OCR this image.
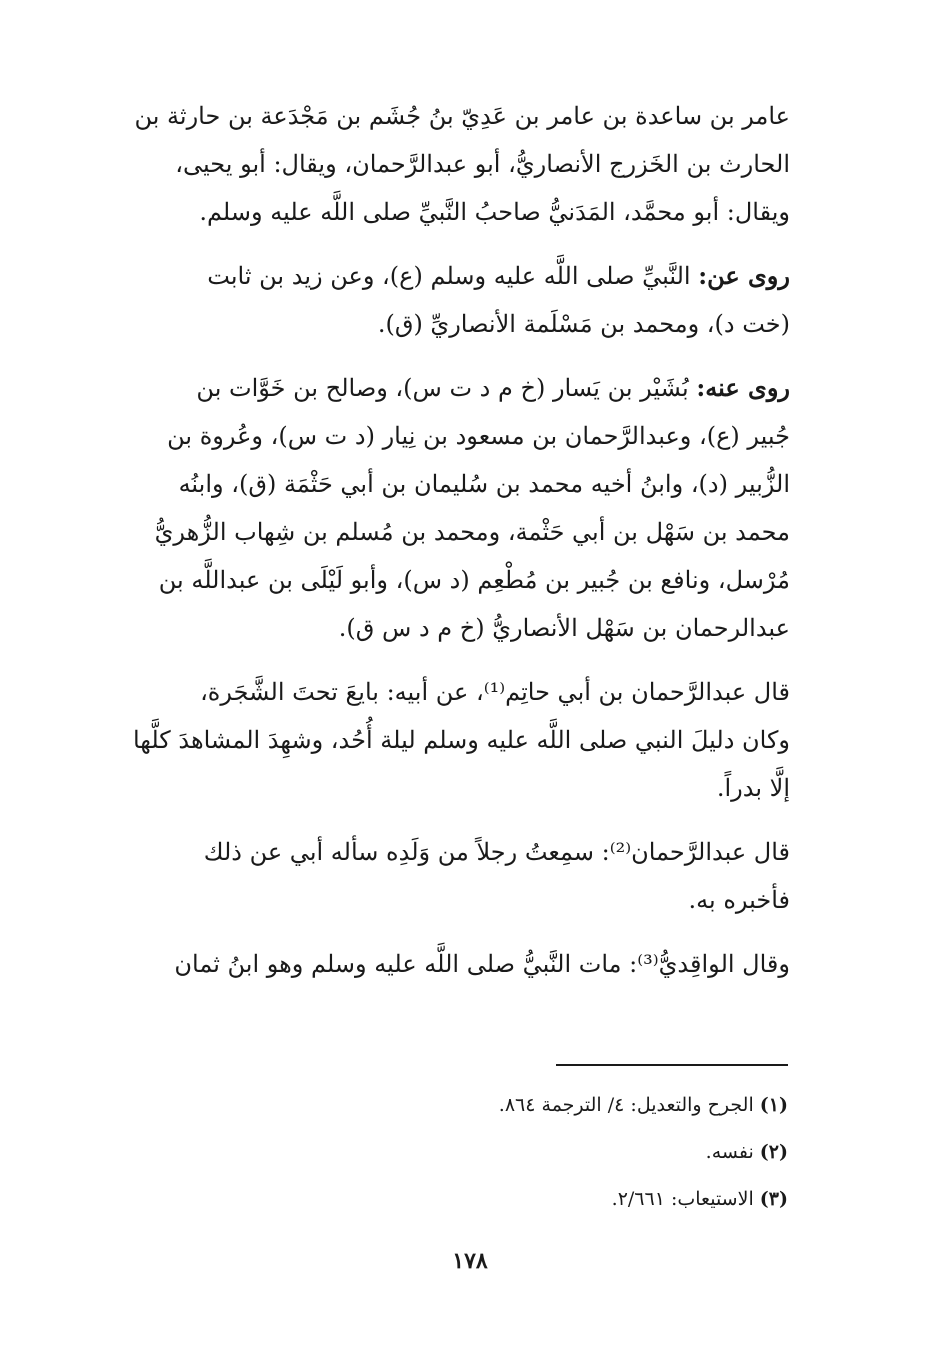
عامر بن ساعدة بن عامر بن عَدِيّ بنُ جُشَم بن مَجْدَعة بن حارثة بن
الحارث بن الخَزرج الأنصاريُّ، أبو عبدالرَّحمان، ويقال: أبو يحيى،
ويقال: أبو محمَّد، المَدَنيُّ صاحبُ النَّبيِّ صلى اللَّه عليه وسلم.

روى عن: النَّبيِّ صلى اللَّه عليه وسلم (ع)، وعن زيد بن ثابت
(خت د)، ومحمد بن مَسْلَمة الأنصاريِّ (ق).

روى عنه: بُشَيْر بن يَسار (خ م د ت س)، وصالح بن خَوَّات بن
جُبير (ع)، وعبدالرَّحمان بن مسعود بن نِيار (د ت س)، وعُروة بن
الزُّبير (د)، وابنُ أخيه محمد بن سُليمان بن أبي حَثْمَة (ق)، وابنُه
محمد بن سَهْل بن أبي حَثْمة، ومحمد بن مُسلم بن شِهاب الزُّهريُّ
مُرْسل، ونافع بن جُبير بن مُطْعِم (د س)، وأبو لَيْلَى بن عبداللَّه بن
عبدالرحمان بن سَهْل الأنصاريُّ (خ م د س ق).

قال عبدالرَّحمان بن أبي حاتِم⁽¹⁾، عن أبيه: بايعَ تحتَ الشَّجَرة،
وكان دليلَ النبي صلى اللَّه عليه وسلم ليلة أُحُد، وشهِدَ المشاهدَ كلَّها
إلَّا بدراً.

قال عبدالرَّحمان⁽²⁾: سمِعتُ رجلاً من وَلَدِه سأله أبي عن ذلك
فأخبره به.

وقال الواقِديُّ⁽³⁾: مات النَّبيُّ صلى اللَّه عليه وسلم وهو ابنُ ثمان

(١) الجرح والتعديل: ٤/ الترجمة ٨٦٤.
(٢) نفسه.
(٣) الاستيعاب: ٢/٦٦١.
١٧٨
